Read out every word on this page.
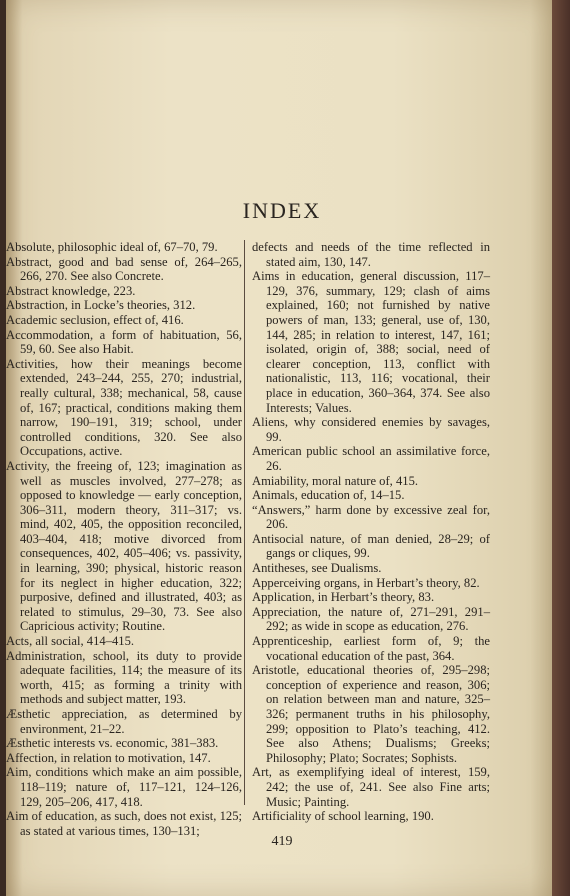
INDEX
Absolute, philosophic ideal of, 67–70, 79.
Abstract, good and bad sense of, 264–265, 266, 270. See also Concrete.
Abstract knowledge, 223.
Abstraction, in Locke’s theories, 312.
Academic seclusion, effect of, 416.
Accommodation, a form of habituation, 56, 59, 60. See also Habit.
Activities, how their meanings become extended, 243–244, 255, 270; industrial, really cultural, 338; mechanical, 58, cause of, 167; practical, conditions making them narrow, 190–191, 319; school, under controlled conditions, 320. See also Occupations, active.
Activity, the freeing of, 123; imagination as well as muscles involved, 277–278; as opposed to knowledge — early conception, 306–311, modern theory, 311–317; vs. mind, 402, 405, the opposition reconciled, 403–404, 418; motive divorced from consequences, 402, 405–406; vs. passivity, in learning, 390; physical, historic reason for its neglect in higher education, 322; purposive, defined and illustrated, 403; as related to stimulus, 29–30, 73. See also Capricious activity; Routine.
Acts, all social, 414–415.
Administration, school, its duty to provide adequate facilities, 114; the measure of its worth, 415; as forming a trinity with methods and subject matter, 193.
Æsthetic appreciation, as determined by environment, 21–22.
Æsthetic interests vs. economic, 381–383.
Affection, in relation to motivation, 147.
Aim, conditions which make an aim possible, 118–119; nature of, 117–121, 124–126, 129, 205–206, 417, 418.
Aim of education, as such, does not exist, 125; as stated at various times, 130–131;
defects and needs of the time reflected in stated aim, 130, 147.
Aims in education, general discussion, 117–129, 376, summary, 129; clash of aims explained, 160; not furnished by native powers of man, 133; general, use of, 130, 144, 285; in relation to interest, 147, 161; isolated, origin of, 388; social, need of clearer conception, 113, conflict with nationalistic, 113, 116; vocational, their place in education, 360–364, 374. See also Interests; Values.
Aliens, why considered enemies by savages, 99.
American public school an assimilative force, 26.
Amiability, moral nature of, 415.
Animals, education of, 14–15.
“Answers,” harm done by excessive zeal for, 206.
Antisocial nature, of man denied, 28–29; of gangs or cliques, 99.
Antitheses, see Dualisms.
Apperceiving organs, in Herbart’s theory, 82.
Application, in Herbart’s theory, 83.
Appreciation, the nature of, 271–291, 291–292; as wide in scope as education, 276.
Apprenticeship, earliest form of, 9; the vocational education of the past, 364.
Aristotle, educational theories of, 295–298; conception of experience and reason, 306; on relation between man and nature, 325–326; permanent truths in his philosophy, 299; opposition to Plato’s teaching, 412. See also Athens; Dualisms; Greeks; Philosophy; Plato; Socrates; Sophists.
Art, as exemplifying ideal of interest, 159, 242; the use of, 241. See also Fine arts; Music; Painting.
Artificiality of school learning, 190.
419
